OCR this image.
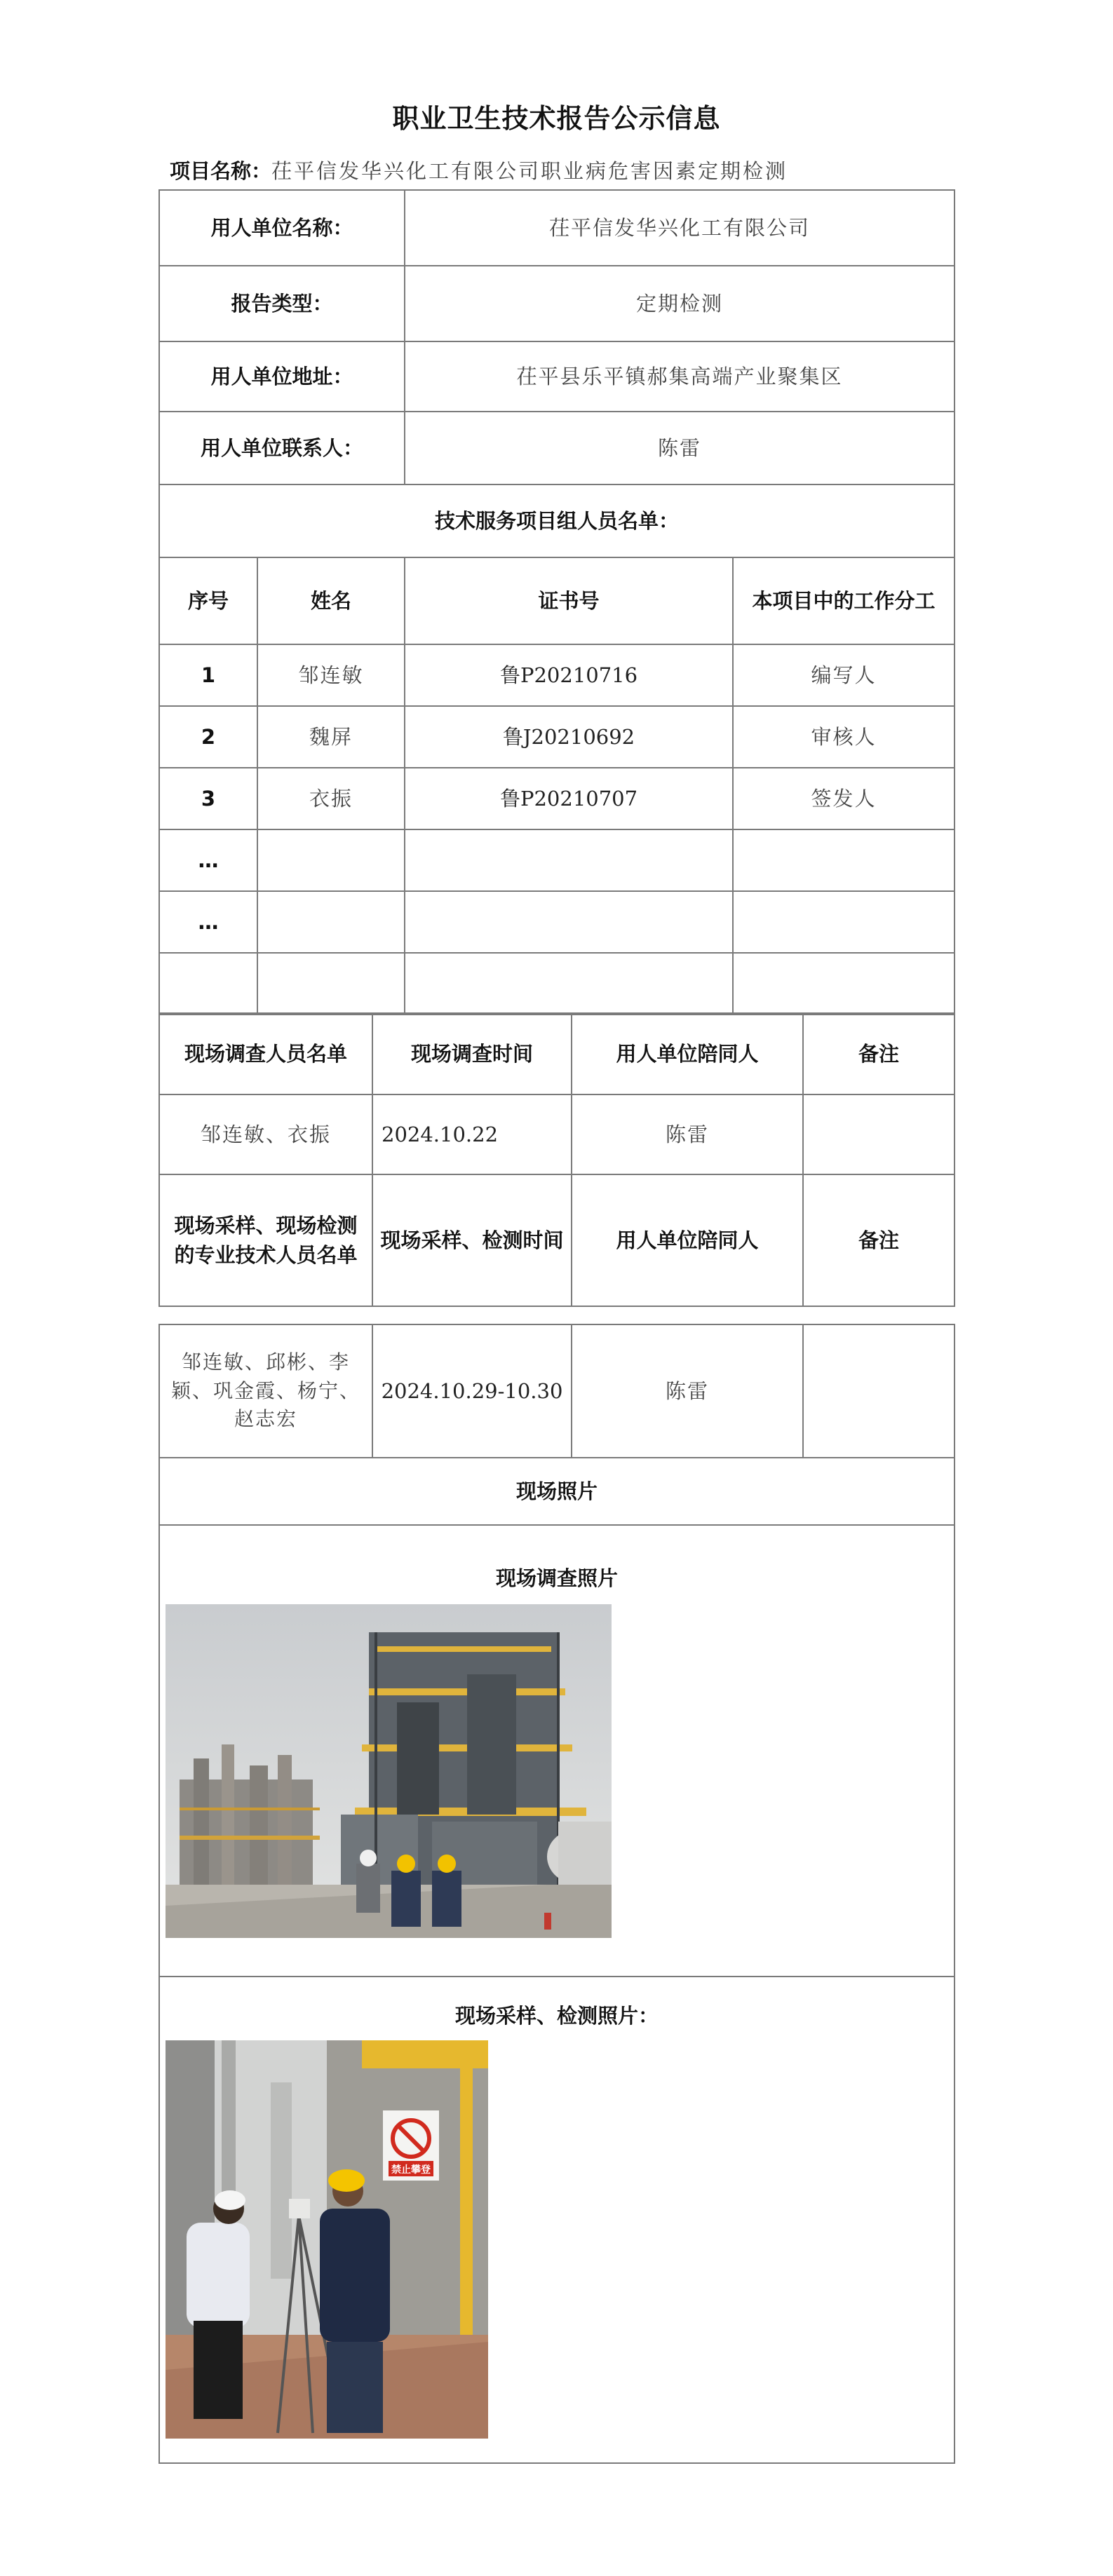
职业卫生技术报告公示信息
项目名称：茌平信发华兴化工有限公司职业病危害因素定期检测
用人单位名称：		茌平信发华兴化工有限公司	
报告类型：		定期检测	
用人单位地址：		茌平县乐平镇郝集高端产业聚集区	
用人单位联系人：		陈雷	
技术服务项目组人员名单：			
序号	姓名	证书号	本项目中的工作分工
1	邹连敏	鲁P20210716	编写人
2	魏屏	鲁J20210692	审核人
3	衣振	鲁P20210707	签发人
…			
…			

现场调查人员名单	现场调查时间	用人单位陪同人	备注
邹连敏、衣振	2024.10.22	陈雷	
现场采样、现场检测的专业技术人员名单	现场采样、检测时间	用人单位陪同人	备注
邹连敏、邱彬、李颖、巩金霞、杨宁、赵志宏	2024.10.29-10.30	陈雷	
现场照片

现场调查照片

现场采样、检测照片：
禁止攀登
